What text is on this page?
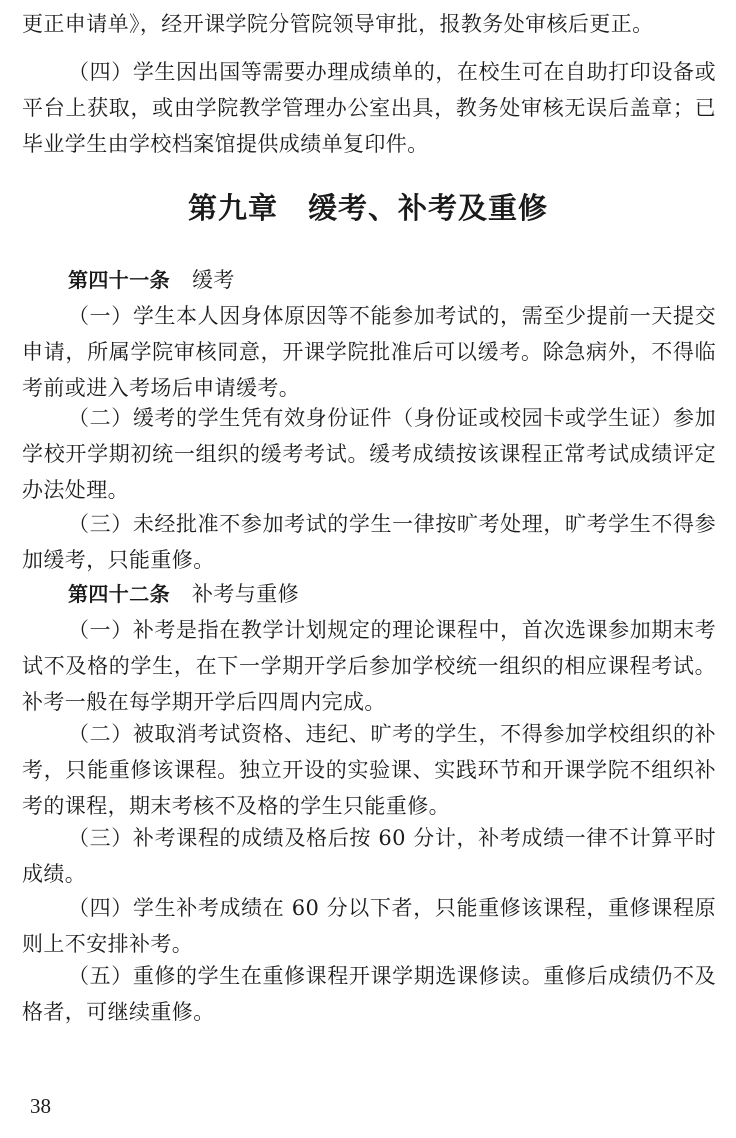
更正申请单》，经开课学院分管院领导审批，报教务处审核后更正。

（四）学生因出国等需要办理成绩单的，在校生可在自助打印设备或平台上获取，或由学院教学管理办公室出具，教务处审核无误后盖章；已毕业学生由学校档案馆提供成绩单复印件。

第九章　缓考、补考及重修
第四十一条 缓考

（一）学生本人因身体原因等不能参加考试的，需至少提前一天提交申请，所属学院审核同意，开课学院批准后可以缓考。除急病外，不得临考前或进入考场后申请缓考。

（二）缓考的学生凭有效身份证件（身份证或校园卡或学生证）参加学校开学期初统一组织的缓考考试。缓考成绩按该课程正常考试成绩评定办法处理。

（三）未经批准不参加考试的学生一律按旷考处理，旷考学生不得参加缓考，只能重修。

第四十二条 补考与重修

（一）补考是指在教学计划规定的理论课程中，首次选课参加期末考试不及格的学生，在下一学期开学后参加学校统一组织的相应课程考试。补考一般在每学期开学后四周内完成。

（二）被取消考试资格、违纪、旷考的学生，不得参加学校组织的补考，只能重修该课程。独立开设的实验课、实践环节和开课学院不组织补考的课程，期末考核不及格的学生只能重修。

（三）补考课程的成绩及格后按 60 分计，补考成绩一律不计算平时成绩。

（四）学生补考成绩在 60 分以下者，只能重修该课程，重修课程原则上不安排补考。

（五）重修的学生在重修课程开课学期选课修读。重修后成绩仍不及格者，可继续重修。

38
